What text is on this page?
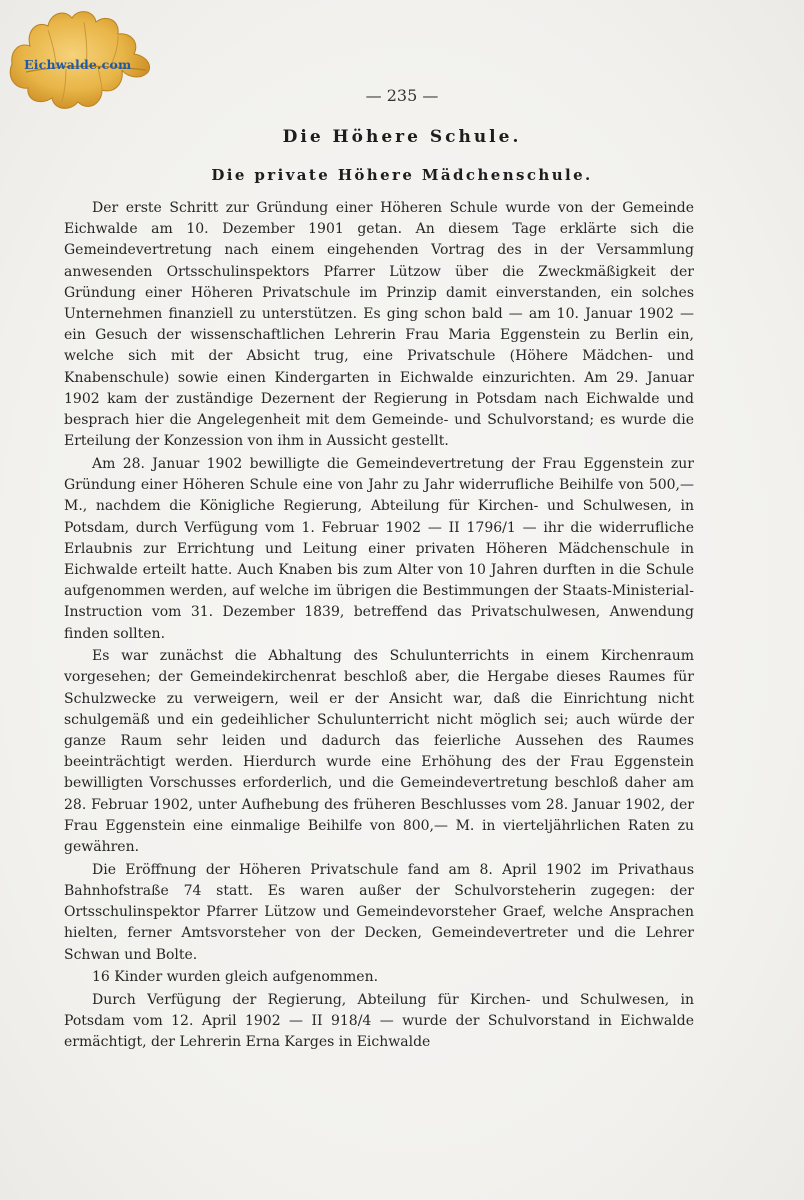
Eichwalde.com
— 235 —
Die Höhere Schule.
Die private Höhere Mädchenschule.

Der erste Schritt zur Gründung einer Höheren Schule wurde von der Gemeinde Eichwalde am 10. Dezember 1901 getan. An diesem Tage erklärte sich die Gemeindevertretung nach einem eingehenden Vortrag des in der Versammlung anwesenden Ortsschulinspektors Pfarrer Lützow über die Zweckmäßigkeit der Gründung einer Höheren Privatschule im Prinzip damit einverstanden, ein solches Unternehmen finanziell zu unterstützen. Es ging schon bald — am 10. Januar 1902 — ein Gesuch der wissenschaftlichen Lehrerin Frau Maria Eggenstein zu Berlin ein, welche sich mit der Absicht trug, eine Privatschule (Höhere Mädchen- und Knabenschule) sowie einen Kindergarten in Eichwalde einzurichten. Am 29. Januar 1902 kam der zuständige Dezernent der Regierung in Potsdam nach Eichwalde und besprach hier die Angelegenheit mit dem Gemeinde- und Schulvorstand; es wurde die Erteilung der Konzession von ihm in Aussicht gestellt.

Am 28. Januar 1902 bewilligte die Gemeindevertretung der Frau Eggenstein zur Gründung einer Höheren Schule eine von Jahr zu Jahr widerrufliche Beihilfe von 500,— M., nachdem die Königliche Regierung, Abteilung für Kirchen- und Schulwesen, in Potsdam, durch Verfügung vom 1. Februar 1902 — II 1796/1 — ihr die widerrufliche Erlaubnis zur Errichtung und Leitung einer privaten Höheren Mädchenschule in Eichwalde erteilt hatte. Auch Knaben bis zum Alter von 10 Jahren durften in die Schule aufgenommen werden, auf welche im übrigen die Bestimmungen der Staats-Ministerial-Instruction vom 31. Dezember 1839, betreffend das Privatschulwesen, Anwendung finden sollten.

Es war zunächst die Abhaltung des Schulunterrichts in einem Kirchenraum vorgesehen; der Gemeindekirchenrat beschloß aber, die Hergabe dieses Raumes für Schulzwecke zu verweigern, weil er der Ansicht war, daß die Einrichtung nicht schulgemäß und ein gedeihlicher Schulunterricht nicht möglich sei; auch würde der ganze Raum sehr leiden und dadurch das feierliche Aussehen des Raumes beeinträchtigt werden. Hierdurch wurde eine Erhöhung des der Frau Eggenstein bewilligten Vorschusses erforderlich, und die Gemeindevertretung beschloß daher am 28. Februar 1902, unter Aufhebung des früheren Beschlusses vom 28. Januar 1902, der Frau Eggenstein eine einmalige Beihilfe von 800,— M. in vierteljährlichen Raten zu gewähren.

Die Eröffnung der Höheren Privatschule fand am 8. April 1902 im Privathaus Bahnhofstraße 74 statt. Es waren außer der Schulvorsteherin zugegen: der Ortsschulinspektor Pfarrer Lützow und Gemeindevorsteher Graef, welche Ansprachen hielten, ferner Amtsvorsteher von der Decken, Gemeindevertreter und die Lehrer Schwan und Bolte.

16 Kinder wurden gleich aufgenommen.

Durch Verfügung der Regierung, Abteilung für Kirchen- und Schulwesen, in Potsdam vom 12. April 1902 — II 918/4 — wurde der Schulvorstand in Eichwalde ermächtigt, der Lehrerin Erna Karges in Eichwalde
